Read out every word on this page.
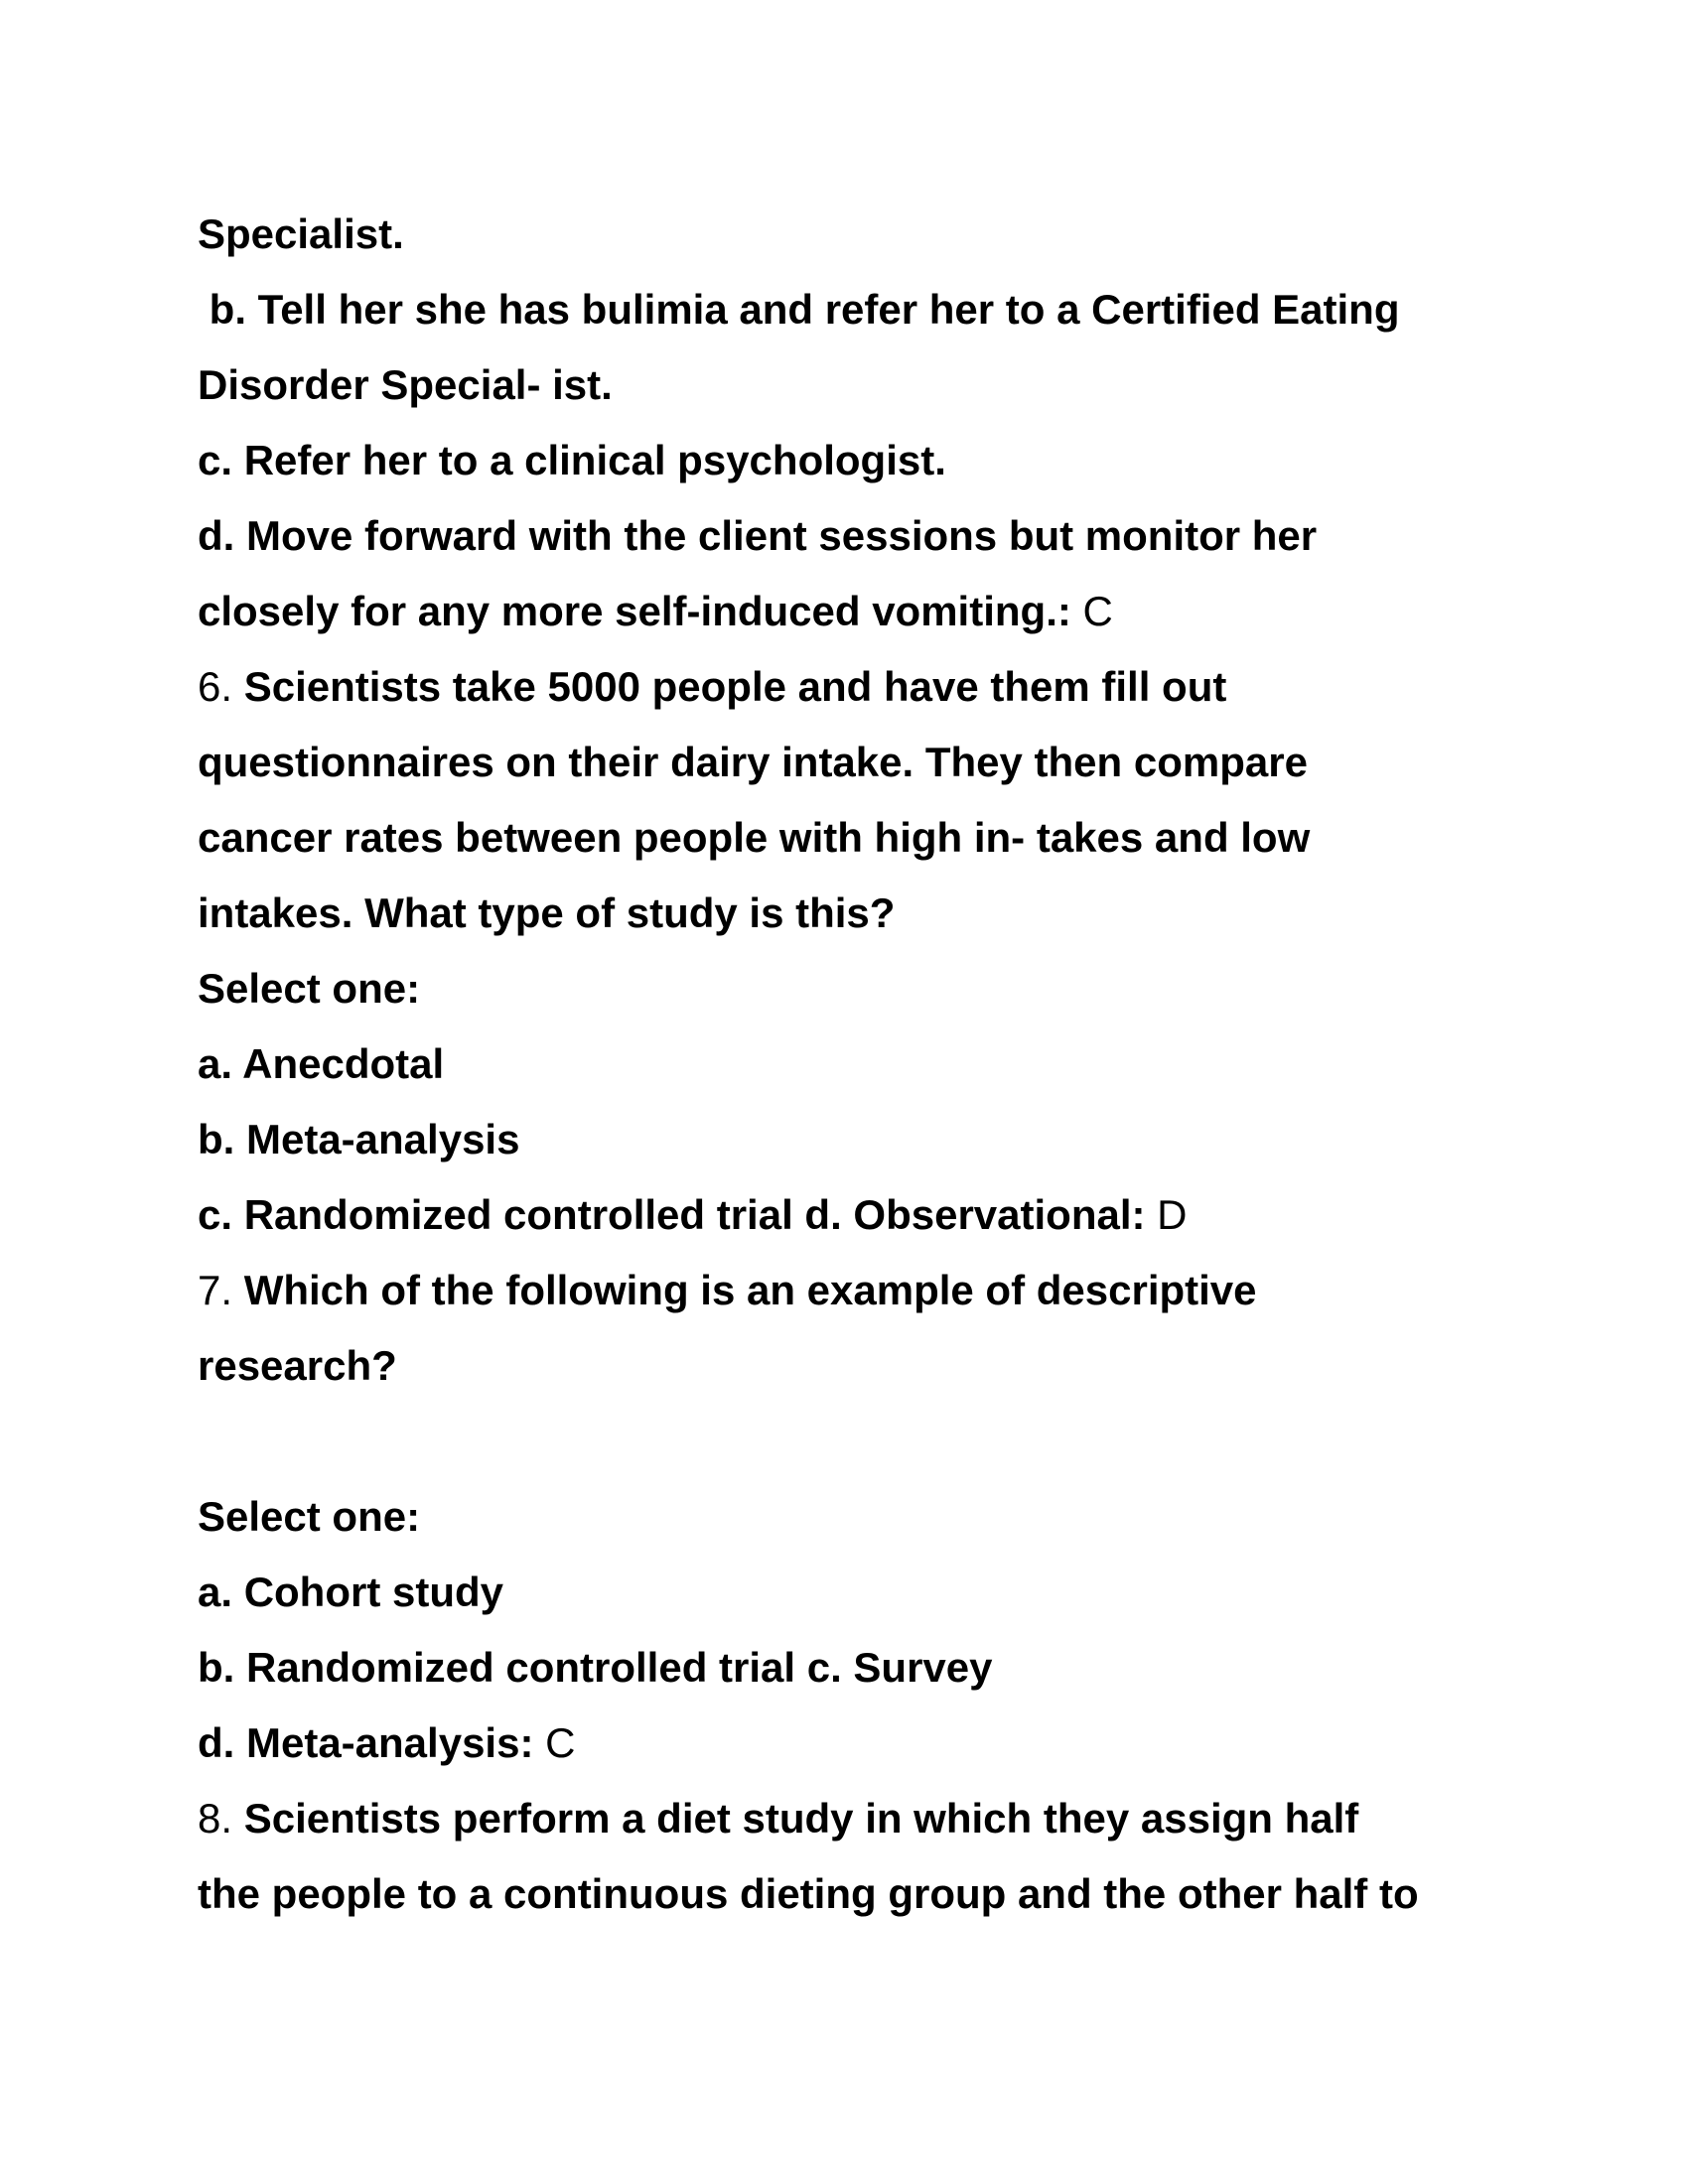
Specialist.
b. Tell her she has bulimia and refer her to a Certified Eating
Disorder Special- ist.
c. Refer her to a clinical psychologist.
d. Move forward with the client sessions but monitor her
closely for any more self-induced vomiting.: C
6. Scientists take 5000 people and have them fill out
questionnaires on their dairy intake. They then compare
cancer rates between people with high in- takes and low
intakes. What type of study is this?
Select one:
a. Anecdotal
b. Meta-analysis
c. Randomized controlled trial d. Observational: D
7. Which of the following is an example of descriptive
research?
Select one:
a. Cohort study
b. Randomized controlled trial c. Survey
d. Meta-analysis: C
8. Scientists perform a diet study in which they assign half
the people to a continuous dieting group and the other half to
